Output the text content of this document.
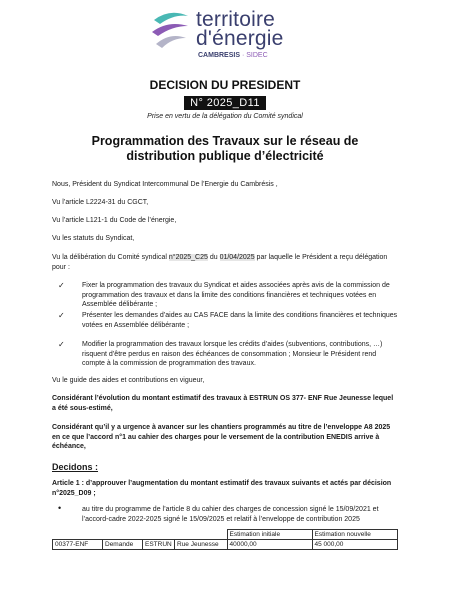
territoire
d'énergie
CAMBRESIS · SIDEC
DECISION DU PRESIDENT
N° 2025_D11
Prise en vertu de la délégation du Comité syndical
Programmation des Travaux sur le réseau de distribution publique d’électricité
Nous, Président du Syndicat Intercommunal De l’Energie du Cambrésis ,
Vu l’article L2224-31 du CGCT,
Vu l’article L121-1 du Code de l’énergie,
Vu les statuts du Syndicat,
Vu la délibération du Comité syndical n°2025_C25 du 01/04/2025 par laquelle le Président a reçu délégation pour :
✓ Fixer la programmation des travaux du Syndicat et aides associées après avis de la commission de programmation des travaux et dans la limite des conditions financières et techniques votées en Assemblée délibérante ;
✓ Présenter les demandes d’aides au CAS FACE dans la limite des conditions financières et techniques votées en Assemblée délibérante ;
✓ Modifier la programmation des travaux lorsque les crédits d’aides (subventions, contributions, …) risquent d’être perdus en raison des échéances de consommation ; Monsieur le Président rend compte à la commission de programmation des travaux.
Vu le guide des aides et contributions en vigueur,
Considérant l’évolution du montant estimatif des travaux à ESTRUN OS 377- ENF Rue Jeunesse lequel a été sous-estimé,
Considérant qu’il y a urgence à avancer sur les chantiers programmés au titre de l’enveloppe A8 2025 en ce que l’accord n°1 au cahier des charges pour le versement de la contribution ENEDIS arrive à échéance,
Decidons :
Article 1 : d’approuver l’augmentation du montant estimatif des travaux suivants et actés par décision n°2025_D09 ;
•	au titre du programme de l’article 8 du cahier des charges de concession signé le 15/09/2021 et l’accord-cadre 2022-2025 signé le 15/09/2025 et relatif à l’enveloppe de contribution 2025
				Estimation initiale	Estimation nouvelle
00377-ENF	Demande	ESTRUN	Rue Jeunesse	40000,00	45 000,00
